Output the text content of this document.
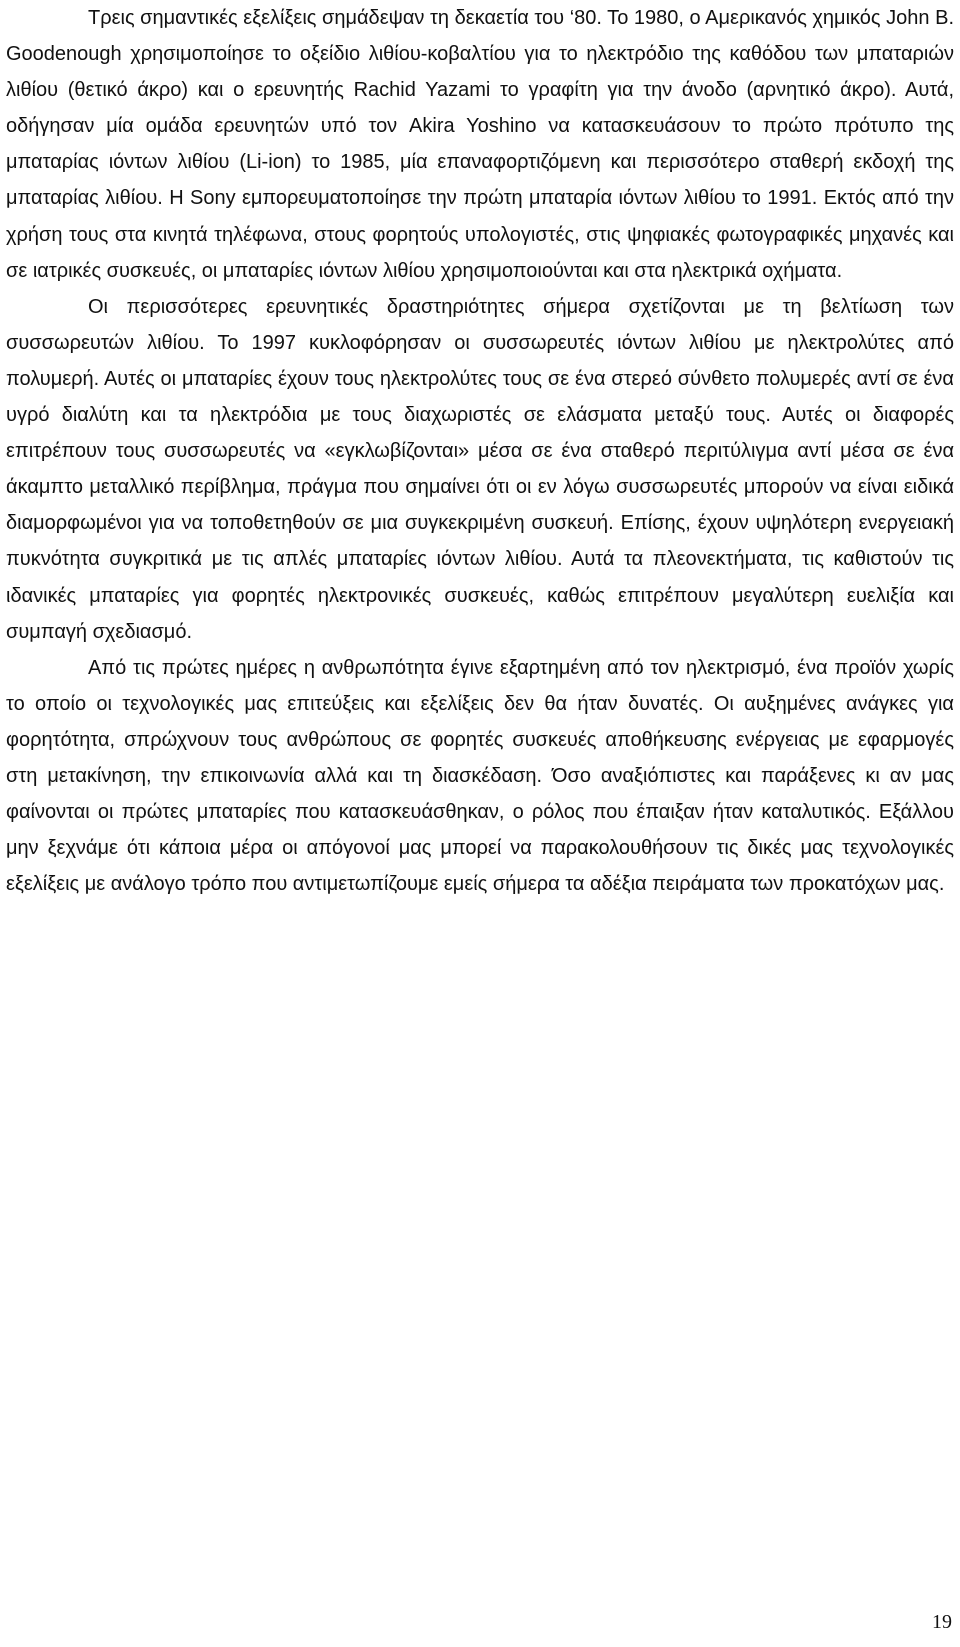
Τρεις σημαντικές εξελίξεις σημάδεψαν τη δεκαετία του ‘80. Το 1980, ο Αμερικανός χημικός John B. Goodenough χρησιμοποίησε το οξείδιο λιθίου-κοβαλτίου για το ηλεκτρόδιο της καθόδου των μπαταριών λιθίου (θετικό άκρο) και ο ερευνητής Rachid Yazami το γραφίτη για την άνοδο (αρνητικό άκρο). Αυτά, οδήγησαν μία ομάδα ερευνητών υπό τον Akira Yoshino να κατασκευάσουν το πρώτο πρότυπο της μπαταρίας ιόντων λιθίου (Li-ion) το 1985, μία επαναφορτιζόμενη και περισσότερο σταθερή εκδοχή της μπαταρίας λιθίου. Η Sony εμπορευματοποίησε την πρώτη μπαταρία ιόντων λιθίου το 1991. Εκτός από την χρήση τους στα κινητά τηλέφωνα, στους φορητούς υπολογιστές, στις ψηφιακές φωτογραφικές μηχανές και σε ιατρικές συσκευές, οι μπαταρίες ιόντων λιθίου χρησιμοποιούνται και στα ηλεκτρικά οχήματα.

Οι περισσότερες ερευνητικές δραστηριότητες σήμερα σχετίζονται με τη βελτίωση των συσσωρευτών λιθίου. Το 1997 κυκλοφόρησαν οι συσσωρευτές ιόντων λιθίου με ηλεκτρολύτες από πολυμερή. Αυτές οι μπαταρίες έχουν τους ηλεκτρολύτες τους σε ένα στερεό σύνθετο πολυμερές αντί σε ένα υγρό διαλύτη και τα ηλεκτρόδια με τους διαχωριστές σε ελάσματα μεταξύ τους. Αυτές οι διαφορές επιτρέπουν τους συσσωρευτές να «εγκλωβίζονται» μέσα σε ένα σταθερό περιτύλιγμα αντί μέσα σε ένα άκαμπτο μεταλλικό περίβλημα, πράγμα που σημαίνει ότι οι εν λόγω συσσωρευτές μπορούν να είναι ειδικά διαμορφωμένοι για να τοποθετηθούν σε μια συγκεκριμένη συσκευή. Επίσης, έχουν υψηλότερη ενεργειακή πυκνότητα συγκριτικά με τις απλές μπαταρίες ιόντων λιθίου. Αυτά τα πλεονεκτήματα, τις καθιστούν τις ιδανικές μπαταρίες για φορητές ηλεκτρονικές συσκευές, καθώς επιτρέπουν μεγαλύτερη ευελιξία και συμπαγή σχεδιασμό.

Από τις πρώτες ημέρες η ανθρωπότητα έγινε εξαρτημένη από τον ηλεκτρισμό, ένα προϊόν χωρίς το οποίο οι τεχνολογικές μας επιτεύξεις και εξελίξεις δεν θα ήταν δυνατές. Οι αυξημένες ανάγκες για φορητότητα, σπρώχνουν τους ανθρώπους σε φορητές συσκευές αποθήκευσης ενέργειας με εφαρμογές στη μετακίνηση, την επικοινωνία αλλά και τη διασκέδαση. Όσο αναξιόπιστες και παράξενες κι αν μας φαίνονται οι πρώτες μπαταρίες που κατασκευάσθηκαν, ο ρόλος που έπαιξαν ήταν καταλυτικός. Εξάλλου μην ξεχνάμε ότι κάποια μέρα οι απόγονοί μας μπορεί να παρακολουθήσουν τις δικές μας τεχνολογικές εξελίξεις με ανάλογο τρόπο που αντιμετωπίζουμε εμείς σήμερα τα αδέξια πειράματα των προκατόχων μας.

19
